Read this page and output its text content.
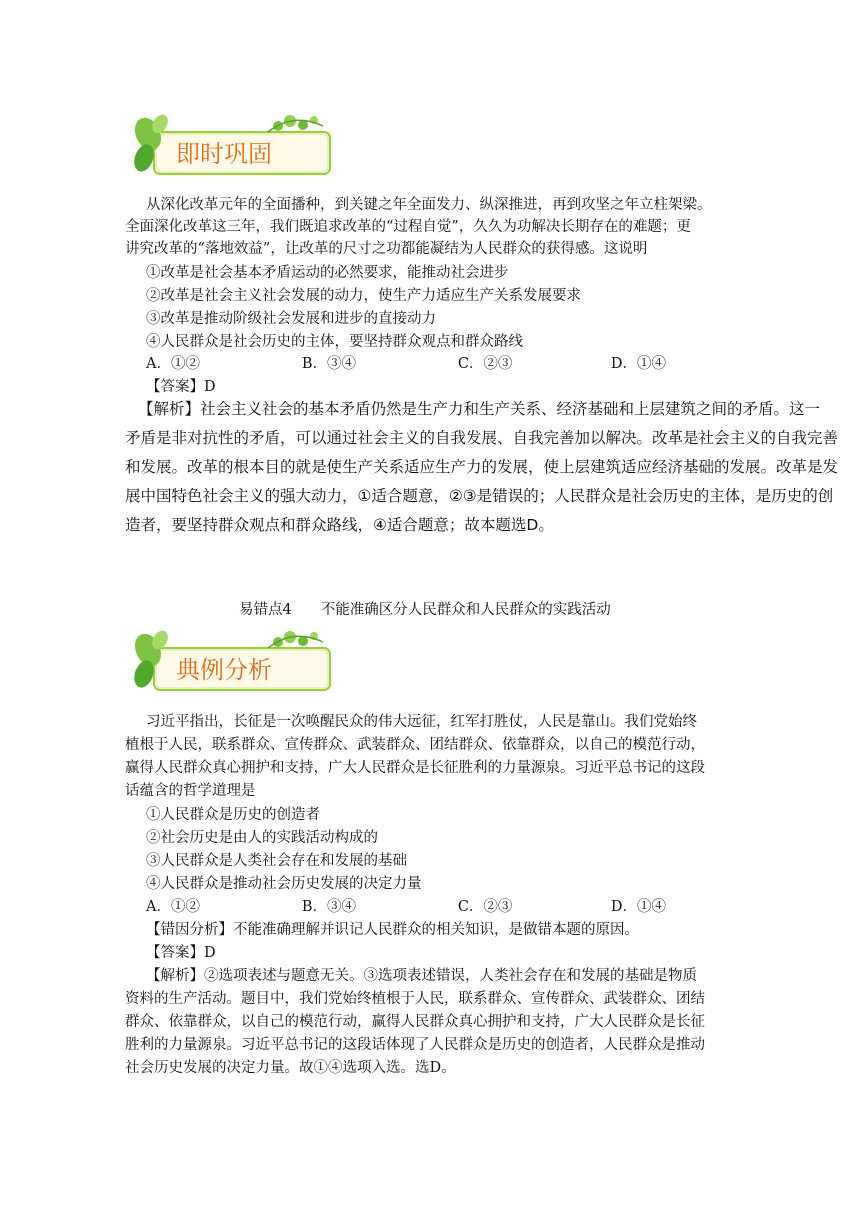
即时巩固
从深化改革元年的全面播种，到关键之年全面发力、纵深推进，再到攻坚之年立柱架梁。
全面深化改革这三年，我们既追求改革的“过程自觉”，久久为功解决长期存在的难题；更
讲究改革的“落地效益”，让改革的尺寸之功都能凝结为人民群众的获得感。这说明
①改革是社会基本矛盾运动的必然要求，能推动社会进步
②改革是社会主义社会发展的动力，使生产力适应生产关系发展要求
③改革是推动阶级社会发展和进步的直接动力
④人民群众是社会历史的主体，要坚持群众观点和群众路线
A．①②	B．③④	C．②③	D．①④
【答案】D
【解析】社会主义社会的基本矛盾仍然是生产力和生产关系、经济基础和上层建筑之间的矛盾。这一
矛盾是非对抗性的矛盾，可以通过社会主义的自我发展、自我完善加以解决。改革是社会主义的自我完善
和发展。改革的根本目的就是使生产关系适应生产力的发展，使上层建筑适应经济基础的发展。改革是发
展中国特色社会主义的强大动力，①适合题意，②③是错误的；人民群众是社会历史的主体，是历史的创
造者，要坚持群众观点和群众路线，④适合题意；故本题选D。
易错点4　　不能准确区分人民群众和人民群众的实践活动
典例分析
习近平指出，长征是一次唤醒民众的伟大远征，红军打胜仗，人民是靠山。我们党始终
植根于人民，联系群众、宣传群众、武装群众、团结群众、依靠群众，以自己的模范行动，
赢得人民群众真心拥护和支持，广大人民群众是长征胜利的力量源泉。习近平总书记的这段
话蕴含的哲学道理是
①人民群众是历史的创造者
②社会历史是由人的实践活动构成的
③人民群众是人类社会存在和发展的基础
④人民群众是推动社会历史发展的决定力量
A．①②	B．③④	C．②③	D．①④
【错因分析】不能准确理解并识记人民群众的相关知识，是做错本题的原因。
【答案】D
【解析】②选项表述与题意无关。③选项表述错误，人类社会存在和发展的基础是物质
资料的生产活动。题目中，我们党始终植根于人民，联系群众、宣传群众、武装群众、团结
群众、依靠群众，以自己的模范行动，赢得人民群众真心拥护和支持，广大人民群众是长征
胜利的力量源泉。习近平总书记的这段话体现了人民群众是历史的创造者，人民群众是推动
社会历史发展的决定力量。故①④选项入选。选D。
